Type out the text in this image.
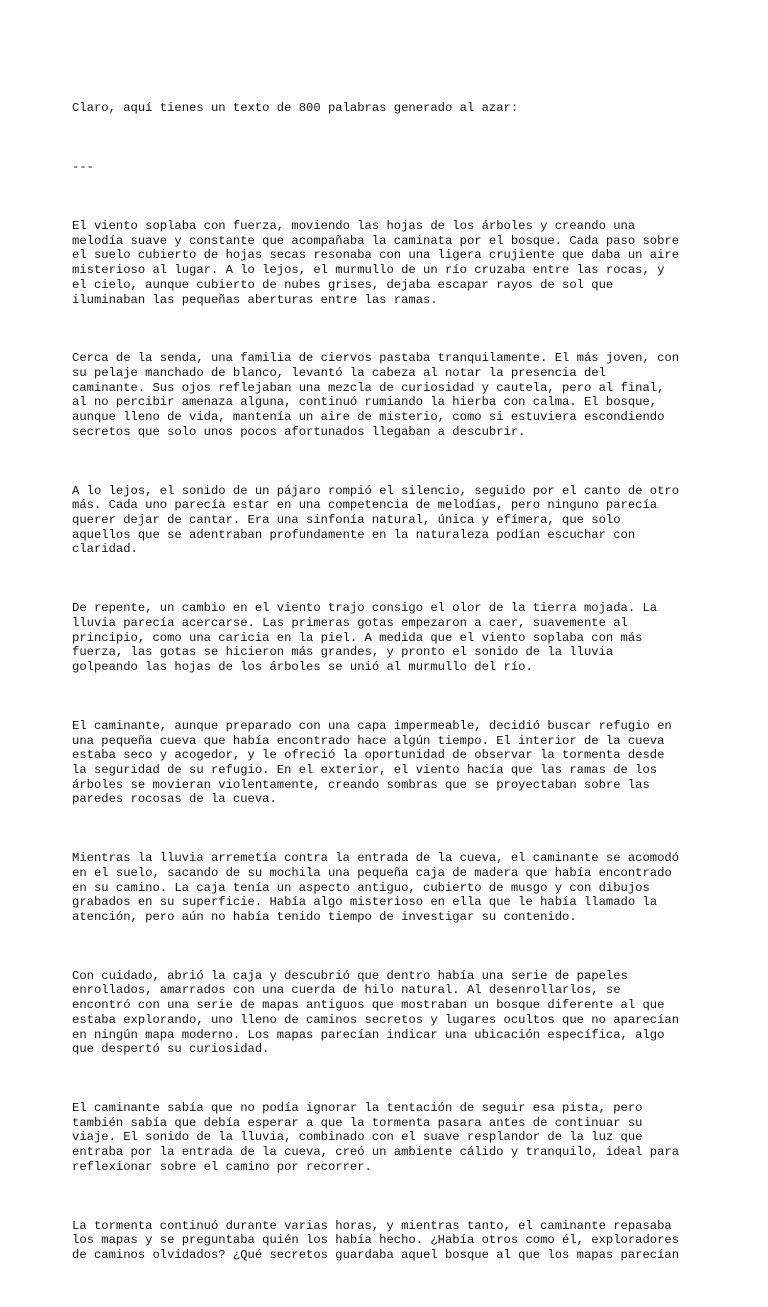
Claro, aquí tienes un texto de 800 palabras generado al azar:

---

El viento soplaba con fuerza, moviendo las hojas de los árboles y creando una
melodía suave y constante que acompañaba la caminata por el bosque. Cada paso sobre
el suelo cubierto de hojas secas resonaba con una ligera crujiente que daba un aire
misterioso al lugar. A lo lejos, el murmullo de un río cruzaba entre las rocas, y
el cielo, aunque cubierto de nubes grises, dejaba escapar rayos de sol que
iluminaban las pequeñas aberturas entre las ramas.

Cerca de la senda, una familia de ciervos pastaba tranquilamente. El más joven, con
su pelaje manchado de blanco, levantó la cabeza al notar la presencia del
caminante. Sus ojos reflejaban una mezcla de curiosidad y cautela, pero al final,
al no percibir amenaza alguna, continuó rumiando la hierba con calma. El bosque,
aunque lleno de vida, mantenía un aire de misterio, como si estuviera escondiendo
secretos que solo unos pocos afortunados llegaban a descubrir.

A lo lejos, el sonido de un pájaro rompió el silencio, seguido por el canto de otro
más. Cada uno parecía estar en una competencia de melodías, pero ninguno parecía
querer dejar de cantar. Era una sinfonía natural, única y efímera, que solo
aquellos que se adentraban profundamente en la naturaleza podían escuchar con
claridad.

De repente, un cambio en el viento trajo consigo el olor de la tierra mojada. La
lluvia parecía acercarse. Las primeras gotas empezaron a caer, suavemente al
principio, como una caricia en la piel. A medida que el viento soplaba con más
fuerza, las gotas se hicieron más grandes, y pronto el sonido de la lluvia
golpeando las hojas de los árboles se unió al murmullo del río.

El caminante, aunque preparado con una capa impermeable, decidió buscar refugio en
una pequeña cueva que había encontrado hace algún tiempo. El interior de la cueva
estaba seco y acogedor, y le ofreció la oportunidad de observar la tormenta desde
la seguridad de su refugio. En el exterior, el viento hacía que las ramas de los
árboles se movieran violentamente, creando sombras que se proyectaban sobre las
paredes rocosas de la cueva.

Mientras la lluvia arremetía contra la entrada de la cueva, el caminante se acomodó
en el suelo, sacando de su mochila una pequeña caja de madera que había encontrado
en su camino. La caja tenía un aspecto antiguo, cubierto de musgo y con dibujos
grabados en su superficie. Había algo misterioso en ella que le había llamado la
atención, pero aún no había tenido tiempo de investigar su contenido.

Con cuidado, abrió la caja y descubrió que dentro había una serie de papeles
enrollados, amarrados con una cuerda de hilo natural. Al desenrollarlos, se
encontró con una serie de mapas antiguos que mostraban un bosque diferente al que
estaba explorando, uno lleno de caminos secretos y lugares ocultos que no aparecían
en ningún mapa moderno. Los mapas parecían indicar una ubicación específica, algo
que despertó su curiosidad.

El caminante sabía que no podía ignorar la tentación de seguir esa pista, pero
también sabía que debía esperar a que la tormenta pasara antes de continuar su
viaje. El sonido de la lluvia, combinado con el suave resplandor de la luz que
entraba por la entrada de la cueva, creó un ambiente cálido y tranquilo, ideal para
reflexionar sobre el camino por recorrer.

La tormenta continuó durante varias horas, y mientras tanto, el caminante repasaba
los mapas y se preguntaba quién los había hecho. ¿Había otros como él, exploradores
de caminos olvidados? ¿Qué secretos guardaba aquel bosque al que los mapas parecían
